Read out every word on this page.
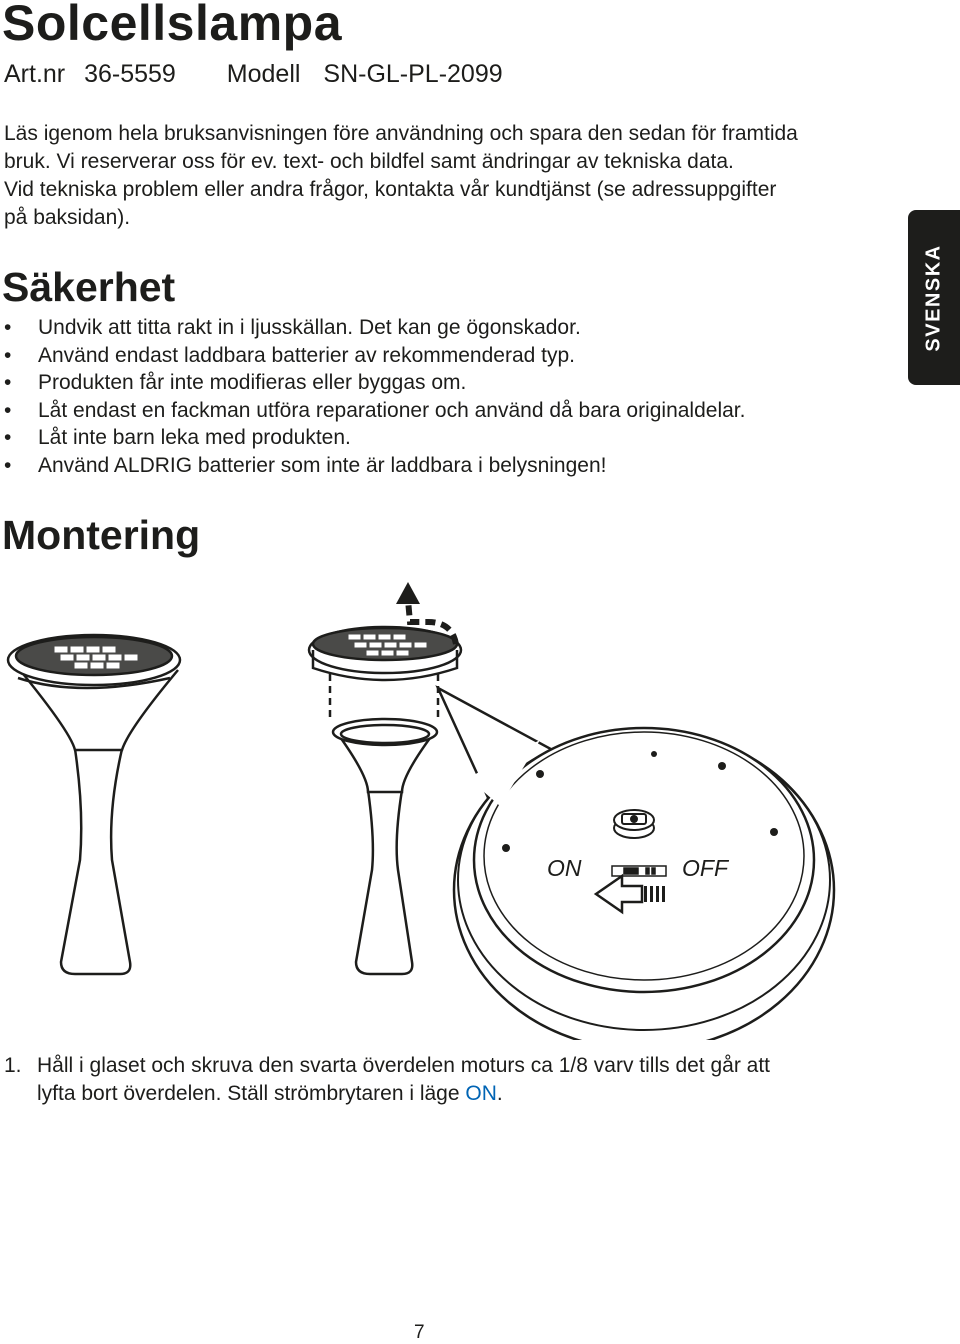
Solcellslampa
Art.nr 36-5559 Modell SN-GL-PL-2099
Läs igenom hela bruksanvisningen före användning och spara den sedan för framtida
bruk. Vi reserverar oss för ev. text- och bildfel samt ändringar av tekniska data.
Vid tekniska problem eller andra frågor, kontakta vår kundtjänst (se adressuppgifter
på baksidan).
Säkerhet
• Undvik att titta rakt in i ljusskällan. Det kan ge ögonskador.
• Använd endast laddbara batterier av rekommenderad typ.
• Produkten får inte modifieras eller byggas om.
• Låt endast en fackman utföra reparationer och använd då bara originaldelar.
• Låt inte barn leka med produkten.
• Använd ALDRIG batterier som inte är laddbara i belysningen!
SVENSKA
Montering
ON	OFF
1. Håll i glaset och skruva den svarta överdelen moturs ca 1/8 varv tills det går att
lyfta bort överdelen. Ställ strömbrytaren i läge ON.
7
